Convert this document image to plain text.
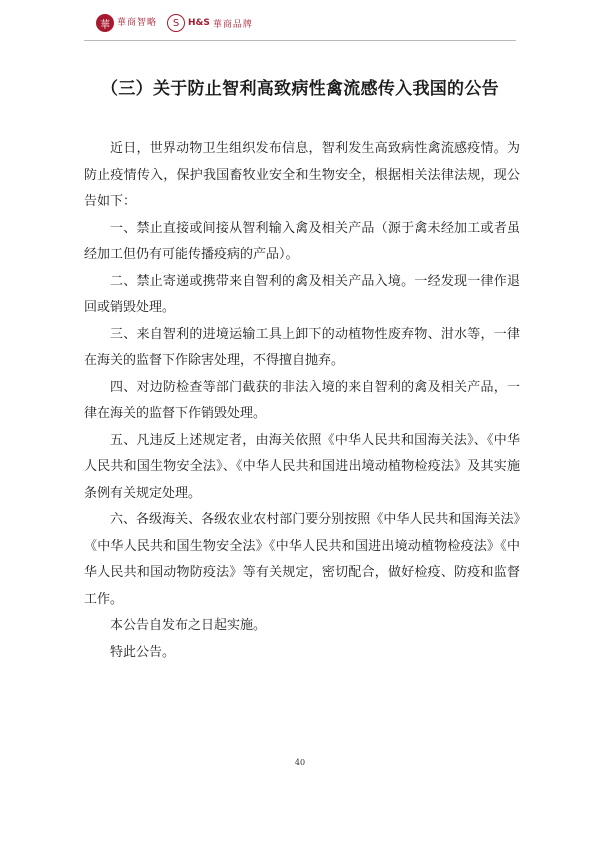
華 華商智略	S H&S 華商品牌
（三）关于防止智利高致病性禽流感传入我国的公告

近日，世界动物卫生组织发布信息，智利发生高致病性禽流感疫情。为防止疫情传入，保护我国畜牧业安全和生物安全，根据相关法律法规，现公告如下：

一、禁止直接或间接从智利输入禽及相关产品（源于禽未经加工或者虽经加工但仍有可能传播疫病的产品）。

二、禁止寄递或携带来自智利的禽及相关产品入境。一经发现一律作退回或销毁处理。

三、来自智利的进境运输工具上卸下的动植物性废弃物、泔水等，一律在海关的监督下作除害处理，不得擅自抛弃。

四、对边防检查等部门截获的非法入境的来自智利的禽及相关产品，一律在海关的监督下作销毁处理。

五、凡违反上述规定者，由海关依照《中华人民共和国海关法》、《中华人民共和国生物安全法》、《中华人民共和国进出境动植物检疫法》及其实施条例有关规定处理。

六、各级海关、各级农业农村部门要分别按照《中华人民共和国海关法》《中华人民共和国生物安全法》《中华人民共和国进出境动植物检疫法》《中华人民共和国动物防疫法》等有关规定，密切配合，做好检疫、防疫和监督工作。

本公告自发布之日起实施。

特此公告。

40
